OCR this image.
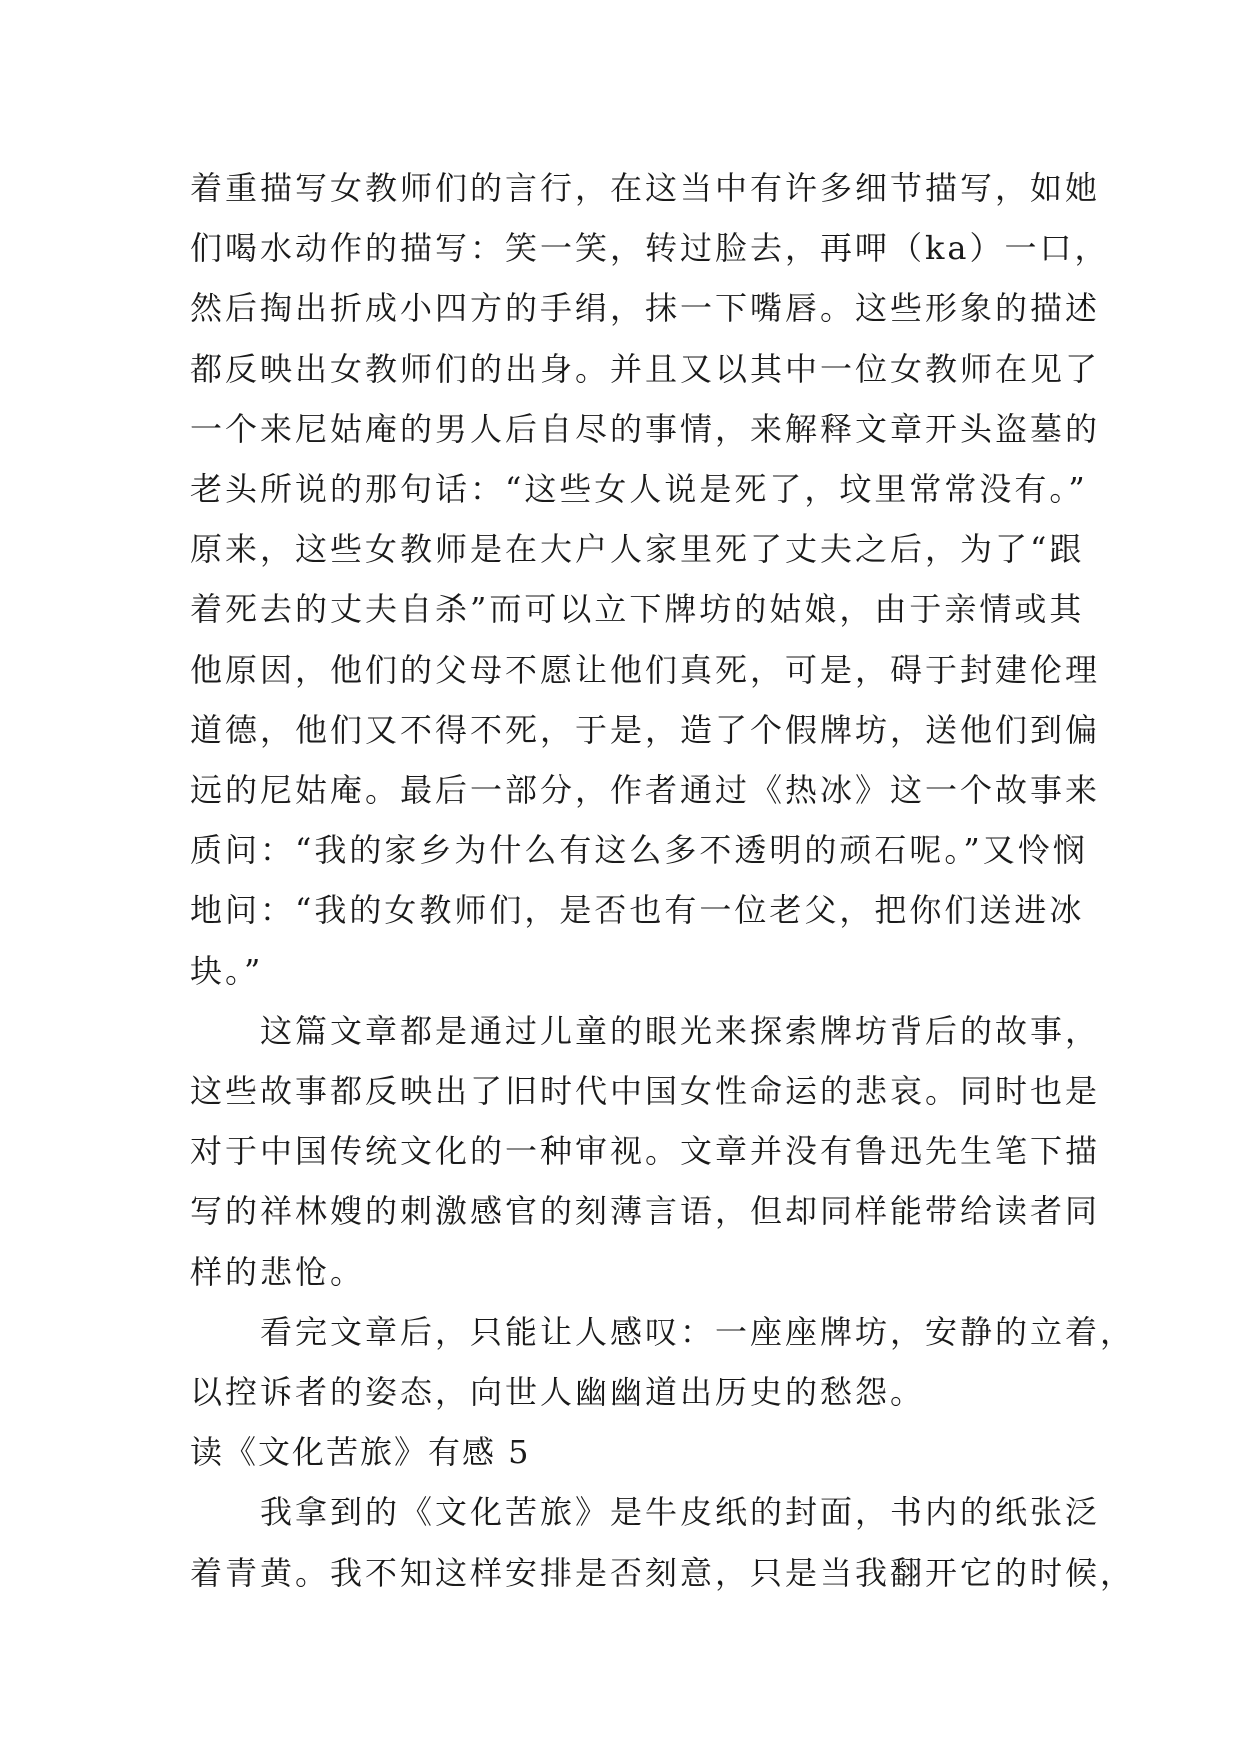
着重描写女教师们的言行，在这当中有许多细节描写，如她
们喝水动作的描写：笑一笑，转过脸去，再呷（ka）一口，
然后掏出折成小四方的手绢，抹一下嘴唇。这些形象的描述
都反映出女教师们的出身。并且又以其中一位女教师在见了
一个来尼姑庵的男人后自尽的事情，来解释文章开头盗墓的
老头所说的那句话：“这些女人说是死了，坟里常常没有。”
原来，这些女教师是在大户人家里死了丈夫之后，为了“跟
着死去的丈夫自杀”而可以立下牌坊的姑娘，由于亲情或其
他原因，他们的父母不愿让他们真死，可是，碍于封建伦理
道德，他们又不得不死，于是，造了个假牌坊，送他们到偏
远的尼姑庵。最后一部分，作者通过《热冰》这一个故事来
质问：“我的家乡为什么有这么多不透明的顽石呢。”又怜悯
地问：“我的女教师们，是否也有一位老父，把你们送进冰
块。”

这篇文章都是通过儿童的眼光来探索牌坊背后的故事，
这些故事都反映出了旧时代中国女性命运的悲哀。同时也是
对于中国传统文化的一种审视。文章并没有鲁迅先生笔下描
写的祥林嫂的刺激感官的刻薄言语，但却同样能带给读者同
样的悲怆。

看完文章后，只能让人感叹：一座座牌坊，安静的立着，
以控诉者的姿态，向世人幽幽道出历史的愁怨。

读《文化苦旅》有感 5

我拿到的《文化苦旅》是牛皮纸的封面，书内的纸张泛
着青黄。我不知这样安排是否刻意，只是当我翻开它的时候，
